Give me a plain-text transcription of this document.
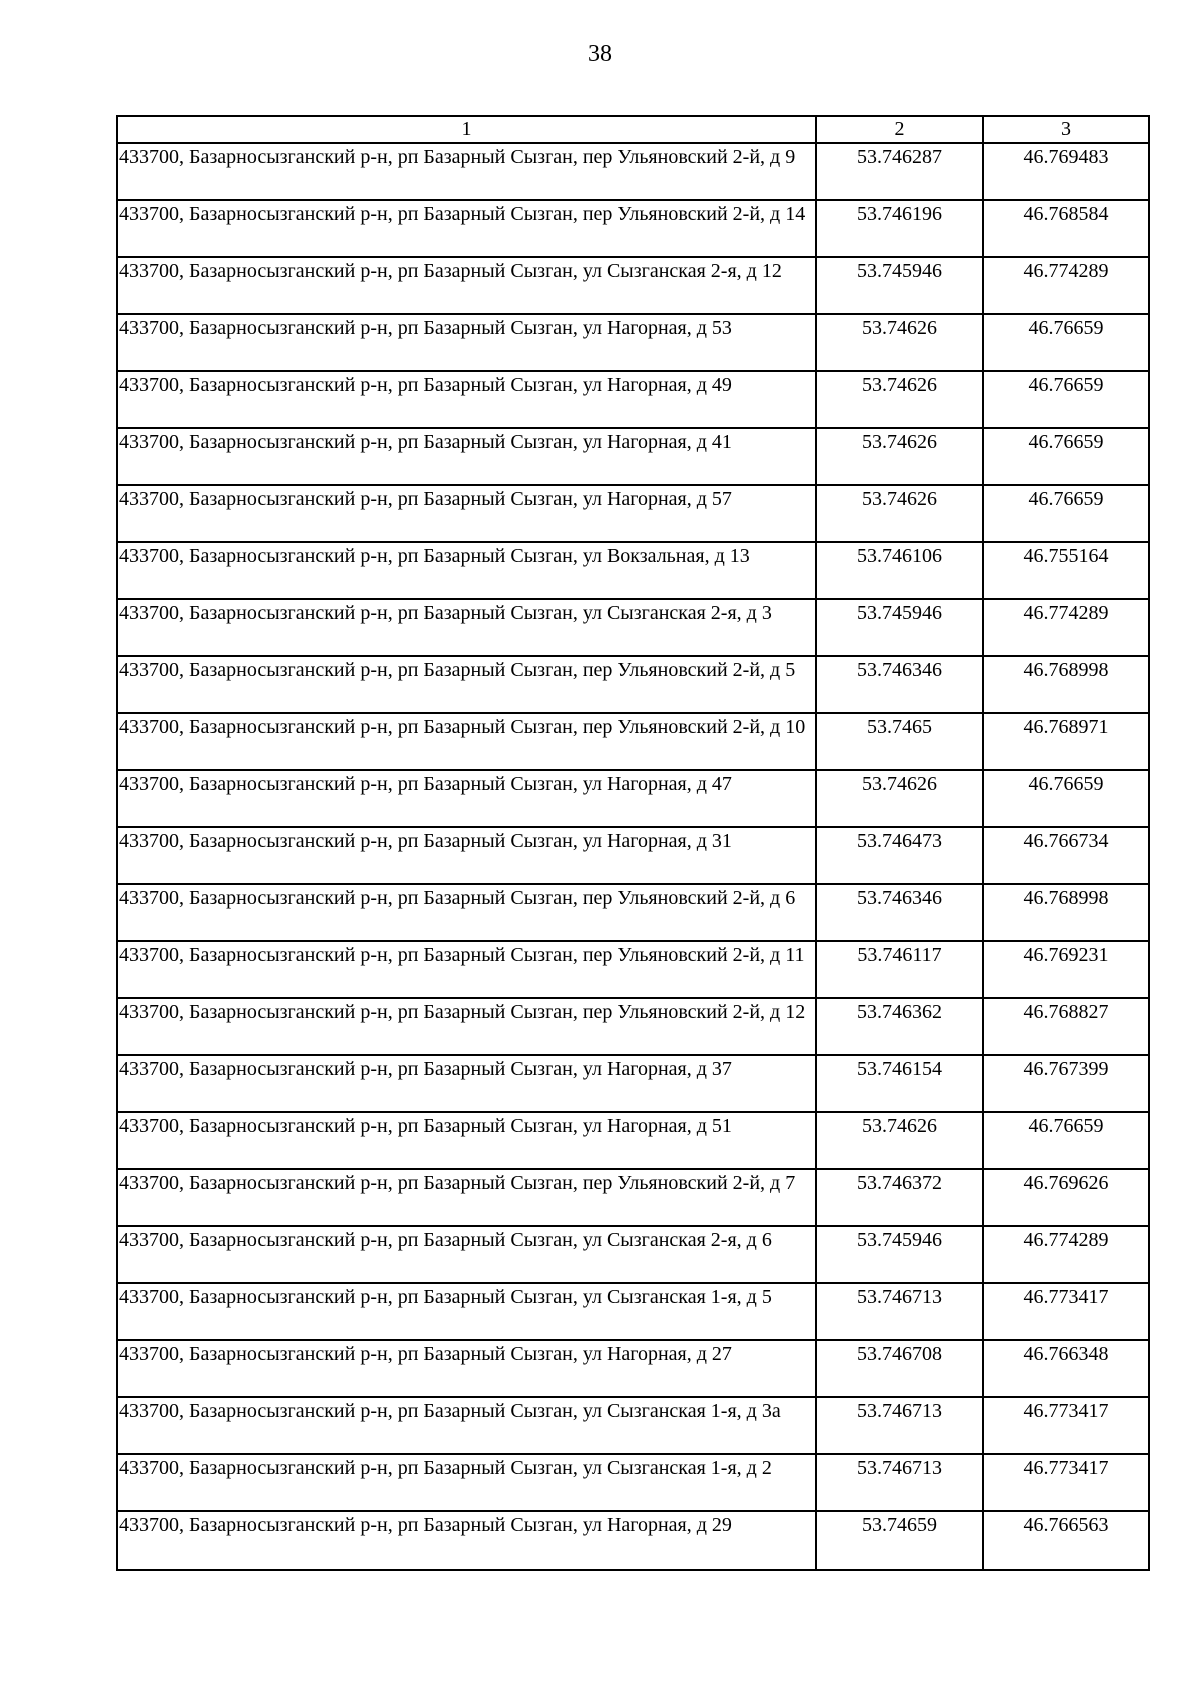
38
1	2	3
433700, Базарносызганский р-н, рп Базарный Сызган, пер Ульяновский 2-й, д 9	53.746287	46.769483
433700, Базарносызганский р-н, рп Базарный Сызган, пер Ульяновский 2-й, д 14	53.746196	46.768584
433700, Базарносызганский р-н, рп Базарный Сызган, ул Сызганская 2-я, д 12	53.745946	46.774289
433700, Базарносызганский р-н, рп Базарный Сызган, ул Нагорная, д 53	53.74626	46.76659
433700, Базарносызганский р-н, рп Базарный Сызган, ул Нагорная, д 49	53.74626	46.76659
433700, Базарносызганский р-н, рп Базарный Сызган, ул Нагорная, д 41	53.74626	46.76659
433700, Базарносызганский р-н, рп Базарный Сызган, ул Нагорная, д 57	53.74626	46.76659
433700, Базарносызганский р-н, рп Базарный Сызган, ул Вокзальная, д 13	53.746106	46.755164
433700, Базарносызганский р-н, рп Базарный Сызган, ул Сызганская 2-я, д 3	53.745946	46.774289
433700, Базарносызганский р-н, рп Базарный Сызган, пер Ульяновский 2-й, д 5	53.746346	46.768998
433700, Базарносызганский р-н, рп Базарный Сызган, пер Ульяновский 2-й, д 10	53.7465	46.768971
433700, Базарносызганский р-н, рп Базарный Сызган, ул Нагорная, д 47	53.74626	46.76659
433700, Базарносызганский р-н, рп Базарный Сызган, ул Нагорная, д 31	53.746473	46.766734
433700, Базарносызганский р-н, рп Базарный Сызган, пер Ульяновский 2-й, д 6	53.746346	46.768998
433700, Базарносызганский р-н, рп Базарный Сызган, пер Ульяновский 2-й, д 11	53.746117	46.769231
433700, Базарносызганский р-н, рп Базарный Сызган, пер Ульяновский 2-й, д 12	53.746362	46.768827
433700, Базарносызганский р-н, рп Базарный Сызган, ул Нагорная, д 37	53.746154	46.767399
433700, Базарносызганский р-н, рп Базарный Сызган, ул Нагорная, д 51	53.74626	46.76659
433700, Базарносызганский р-н, рп Базарный Сызган, пер Ульяновский 2-й, д 7	53.746372	46.769626
433700, Базарносызганский р-н, рп Базарный Сызган, ул Сызганская 2-я, д 6	53.745946	46.774289
433700, Базарносызганский р-н, рп Базарный Сызган, ул Сызганская 1-я, д 5	53.746713	46.773417
433700, Базарносызганский р-н, рп Базарный Сызган, ул Нагорная, д 27	53.746708	46.766348
433700, Базарносызганский р-н, рп Базарный Сызган, ул Сызганская 1-я, д 3а	53.746713	46.773417
433700, Базарносызганский р-н, рп Базарный Сызган, ул Сызганская 1-я, д 2	53.746713	46.773417
433700, Базарносызганский р-н, рп Базарный Сызган, ул Нагорная, д 29	53.74659	46.766563
